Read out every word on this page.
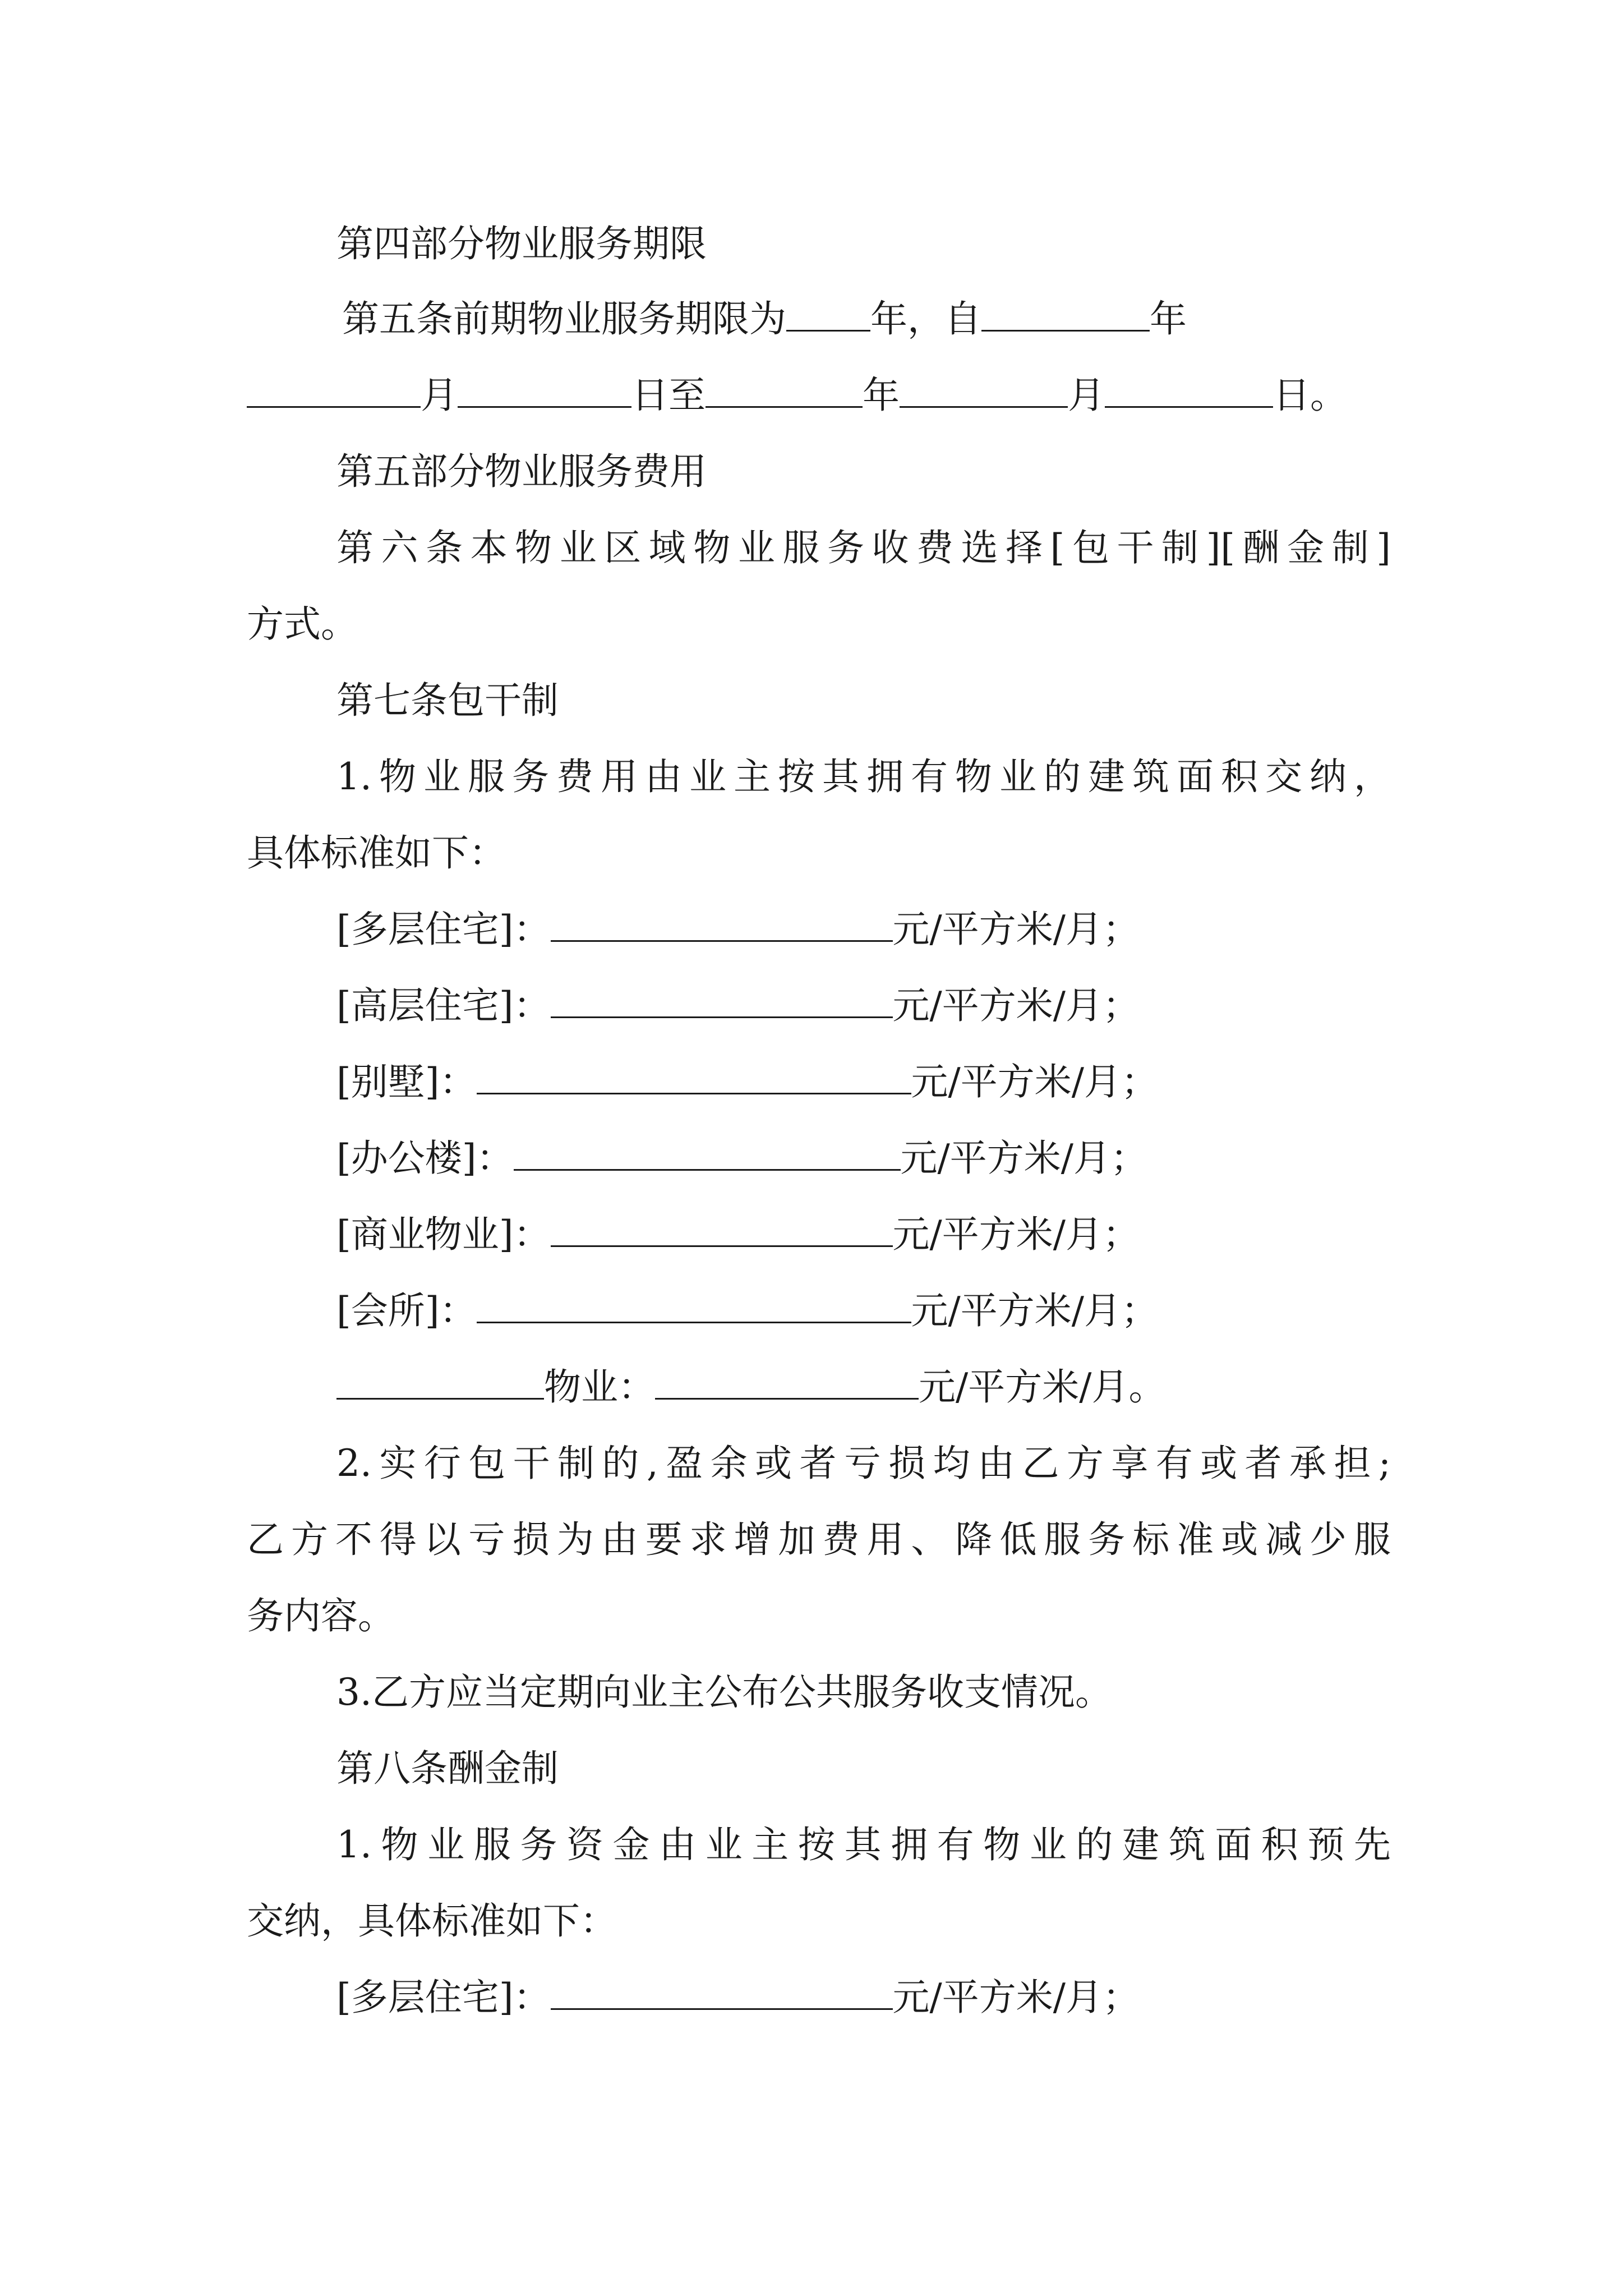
第四部分物业服务期限
第五条前期物业服务期限为 年，自	年
月	日至	年	月	日。
第五部分物业服务费用
第六条本物业区域物业服务收费选择[包干制][酬金制]
方式。
第七条包干制
1.物业服务费用由业主按其拥有物业的建筑面积交纳，
具体标准如下：
[多层住宅]：	元/平方米/月；
[高层住宅]：	元/平方米/月；
[别墅]：	元/平方米/月；
[办公楼]：	元/平方米/月；
[商业物业]：	元/平方米/月；
[会所]：	元/平方米/月；
物业：	元/平方米/月。
2.实行包干制的,盈余或者亏损均由乙方享有或者承担;
乙方不得以亏损为由要求增加费用、降低服务标准或减少服
务内容。
3.乙方应当定期向业主公布公共服务收支情况。
第八条酬金制
1.物业服务资金由业主按其拥有物业的建筑面积预先
交纳，具体标准如下：
[多层住宅]：	元/平方米/月；
